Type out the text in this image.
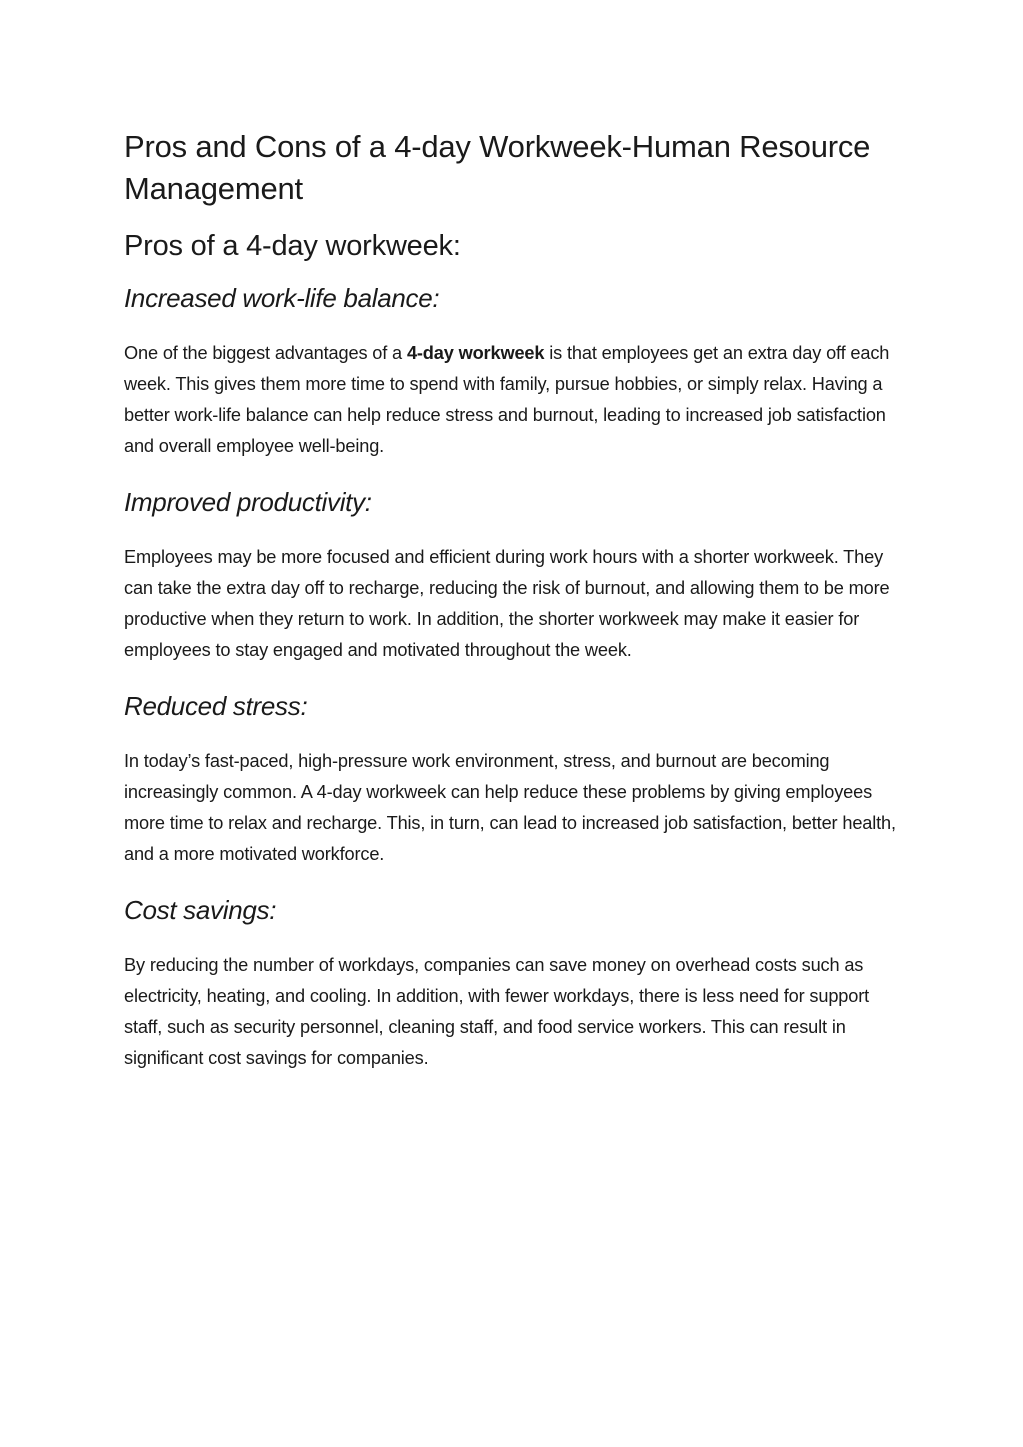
Pros and Cons of a 4-day Workweek-Human Resource Management
Pros of a 4-day workweek:
Increased work-life balance:

One of the biggest advantages of a 4-day workweek is that employees get an extra day off each week. This gives them more time to spend with family, pursue hobbies, or simply relax. Having a better work-life balance can help reduce stress and burnout, leading to increased job satisfaction and overall employee well-being.

Improved productivity:

Employees may be more focused and efficient during work hours with a shorter workweek. They can take the extra day off to recharge, reducing the risk of burnout, and allowing them to be more productive when they return to work. In addition, the shorter workweek may make it easier for employees to stay engaged and motivated throughout the week.

Reduced stress:

In today’s fast-paced, high-pressure work environment, stress, and burnout are becoming increasingly common. A 4-day workweek can help reduce these problems by giving employees more time to relax and recharge. This, in turn, can lead to increased job satisfaction, better health, and a more motivated workforce.

Cost savings:

By reducing the number of workdays, companies can save money on overhead costs such as electricity, heating, and cooling. In addition, with fewer workdays, there is less need for support staff, such as security personnel, cleaning staff, and food service workers. This can result in significant cost savings for companies.
